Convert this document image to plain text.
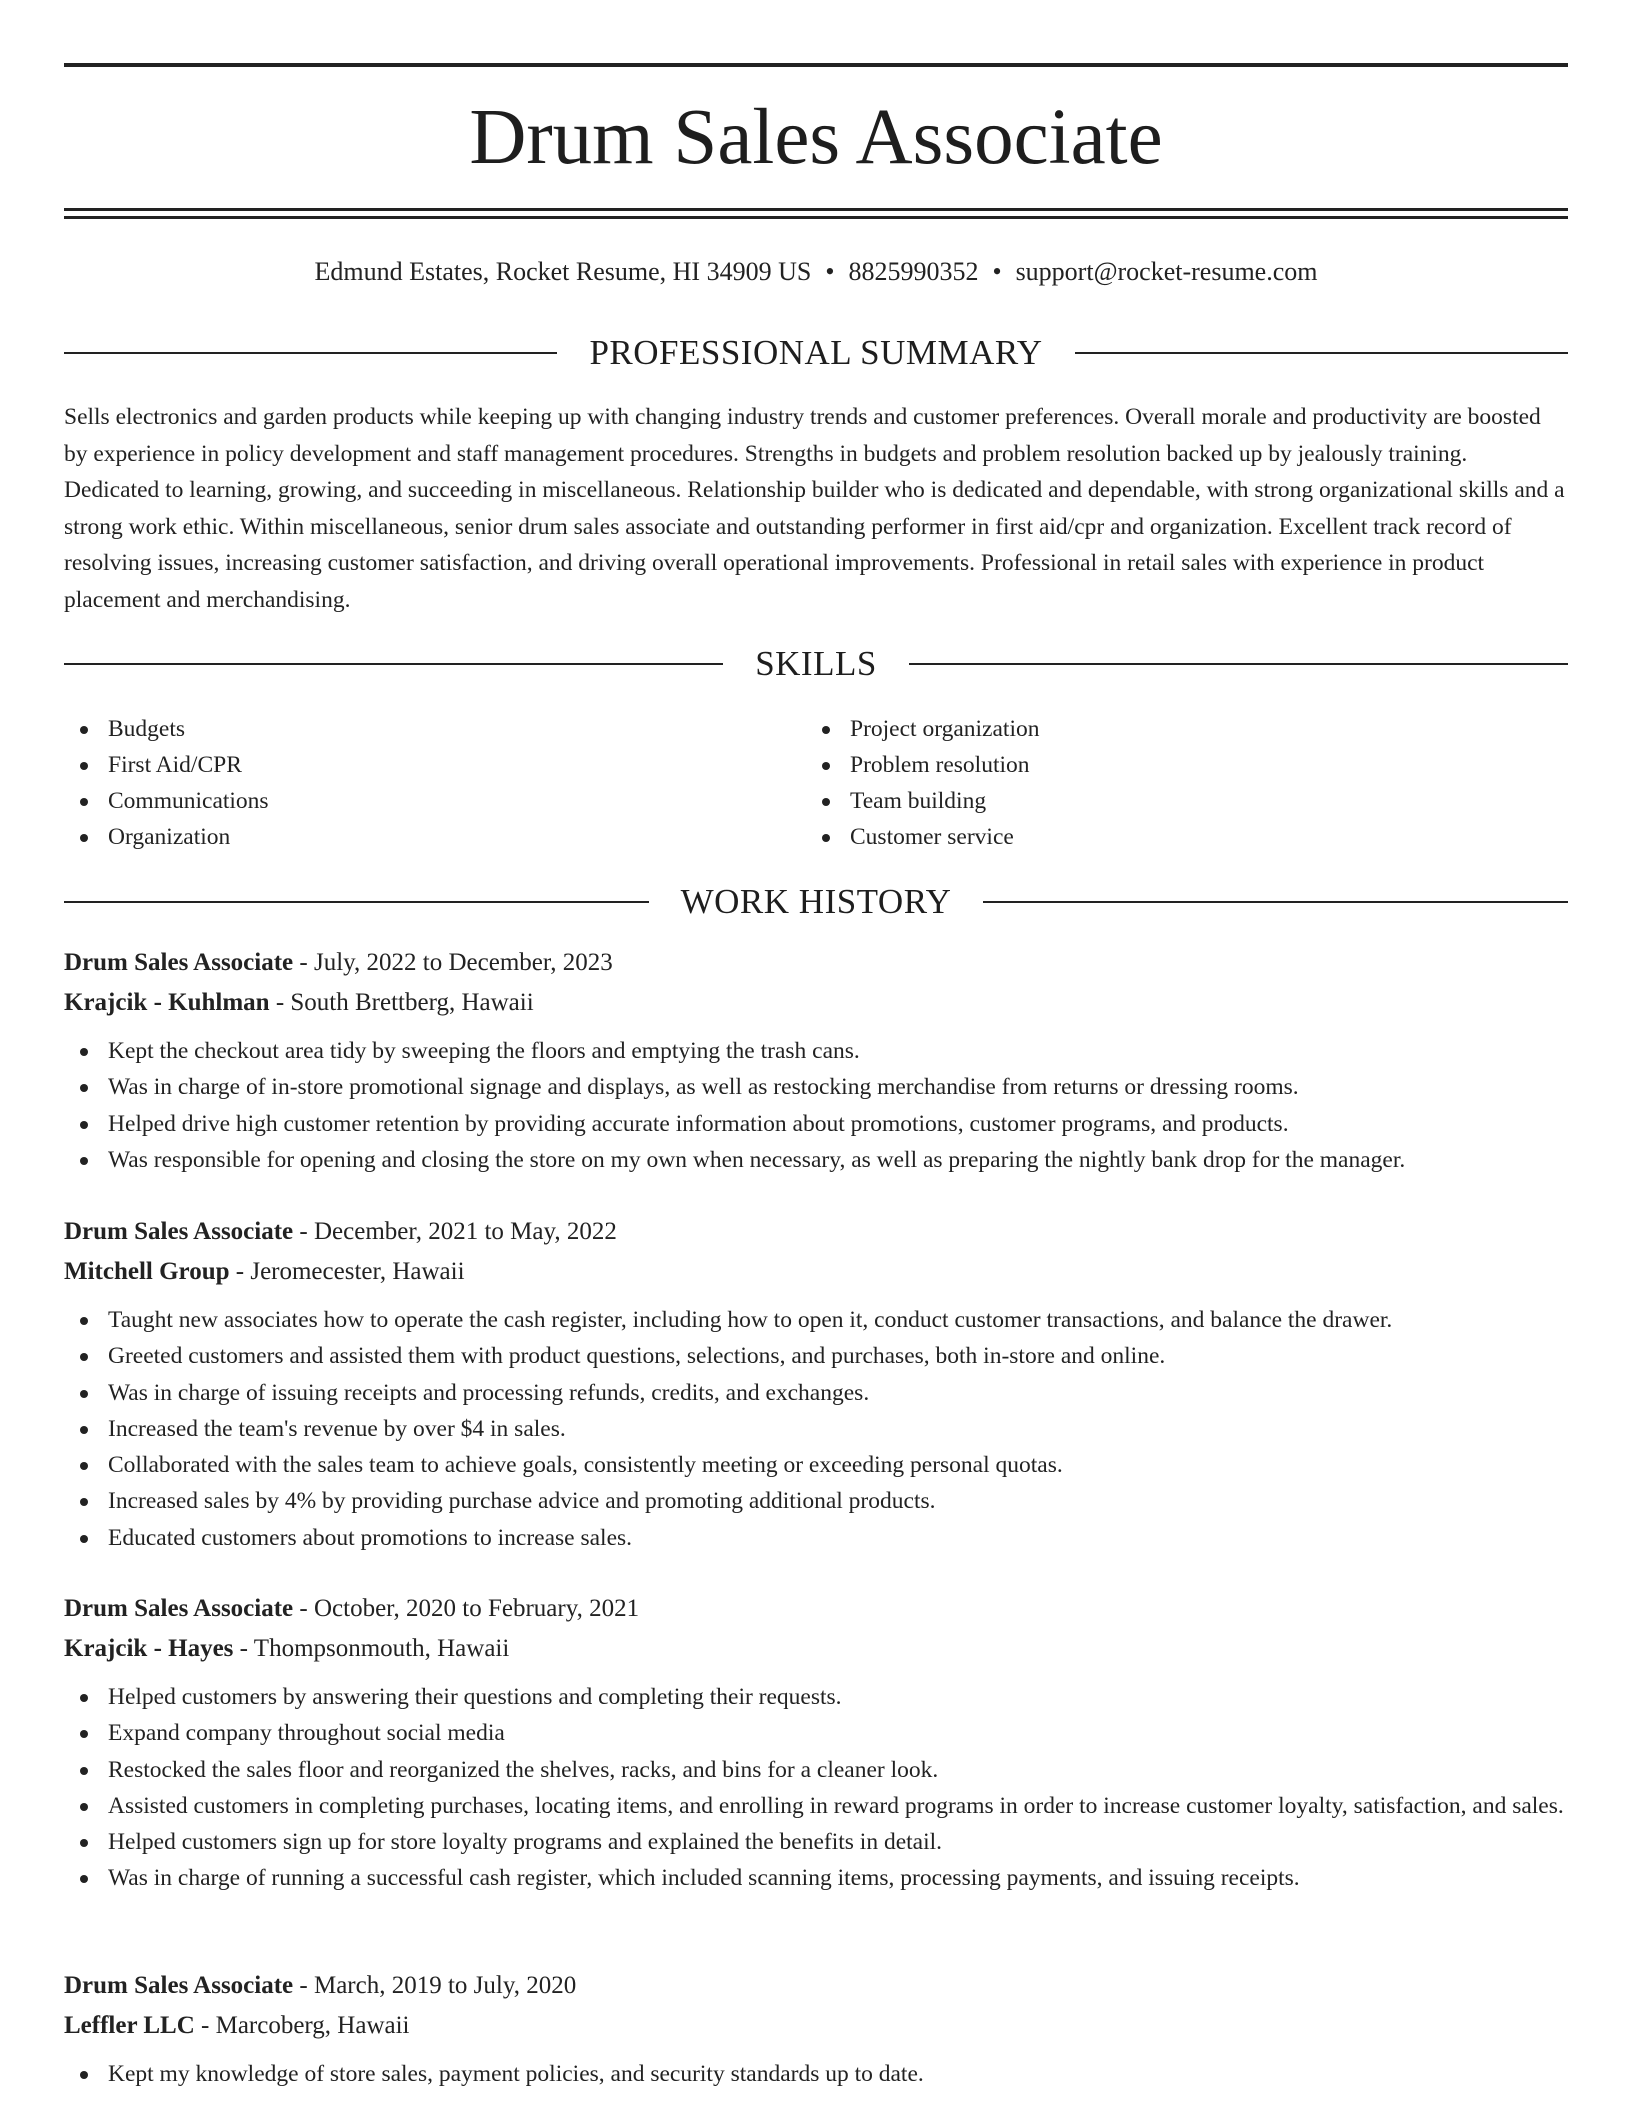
Drum Sales Associate
Edmund Estates, Rocket Resume, HI 34909 US • 8825990352 • support@rocket-resume.com
PROFESSIONAL SUMMARY

Sells electronics and garden products while keeping up with changing industry trends and customer preferences. Overall morale and productivity are boosted by experience in policy development and staff management procedures. Strengths in budgets and problem resolution backed up by jealously training. Dedicated to learning, growing, and succeeding in miscellaneous. Relationship builder who is dedicated and dependable, with strong organizational skills and a strong work ethic. Within miscellaneous, senior drum sales associate and outstanding performer in first aid/cpr and organization. Excellent track record of resolving issues, increasing customer satisfaction, and driving overall operational improvements. Professional in retail sales with experience in product placement and merchandising.

SKILLS
Budgets
First Aid/CPR
Communications
Organization
Project organization
Problem resolution
Team building
Customer service
WORK HISTORY
Drum Sales Associate - July, 2022 to December, 2023
Krajcik - Kuhlman - South Brettberg, Hawaii
Kept the checkout area tidy by sweeping the floors and emptying the trash cans.
Was in charge of in-store promotional signage and displays, as well as restocking merchandise from returns or dressing rooms.
Helped drive high customer retention by providing accurate information about promotions, customer programs, and products.
Was responsible for opening and closing the store on my own when necessary, as well as preparing the nightly bank drop for the manager.
Drum Sales Associate - December, 2021 to May, 2022
Mitchell Group - Jeromecester, Hawaii
Taught new associates how to operate the cash register, including how to open it, conduct customer transactions, and balance the drawer.
Greeted customers and assisted them with product questions, selections, and purchases, both in-store and online.
Was in charge of issuing receipts and processing refunds, credits, and exchanges.
Increased the team's revenue by over $4 in sales.
Collaborated with the sales team to achieve goals, consistently meeting or exceeding personal quotas.
Increased sales by 4% by providing purchase advice and promoting additional products.
Educated customers about promotions to increase sales.
Drum Sales Associate - October, 2020 to February, 2021
Krajcik - Hayes - Thompsonmouth, Hawaii
Helped customers by answering their questions and completing their requests.
Expand company throughout social media
Restocked the sales floor and reorganized the shelves, racks, and bins for a cleaner look.
Assisted customers in completing purchases, locating items, and enrolling in reward programs in order to increase customer loyalty, satisfaction, and sales.
Helped customers sign up for store loyalty programs and explained the benefits in detail.
Was in charge of running a successful cash register, which included scanning items, processing payments, and issuing receipts.
Drum Sales Associate - March, 2019 to July, 2020
Leffler LLC - Marcoberg, Hawaii
Kept my knowledge of store sales, payment policies, and security standards up to date.
